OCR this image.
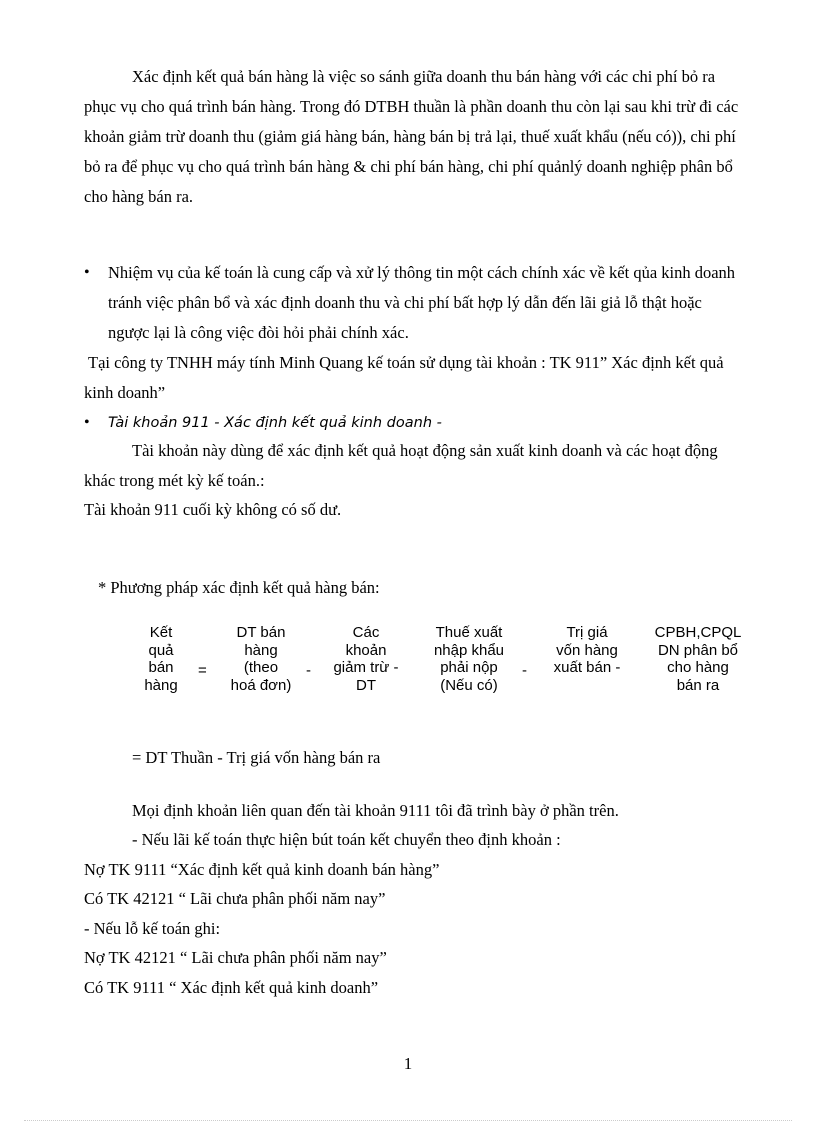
Xác định kết quả bán hàng là việc so sánh giữa doanh thu bán hàng với các chi phí bỏ ra phục vụ cho quá trình bán hàng. Trong đó DTBH thuần là phần doanh thu còn lại sau khi trừ đi các khoản giảm trừ doanh thu (giảm giá hàng bán, hàng bán bị trả lại, thuế xuất khẩu (nếu có)), chi phí bỏ ra để phục vụ cho quá trình bán hàng & chi phí bán hàng, chi phí quảnlý doanh nghiệp phân bổ cho hàng bán ra.

• Nhiệm vụ của kế toán là cung cấp và xử lý thông tin một cách chính xác về kết qủa kinh doanh tránh việc phân bổ và xác định doanh thu và chi phí bất hợp lý dẫn đến lãi giả lỗ thật hoặc ngược lại là công việc đòi hỏi phải chính xác.

Tại công ty TNHH máy tính Minh Quang kế toán sử dụng tài khoản : TK 911” Xác định kết quả kinh doanh”

• Tài khoản 911 - Xác định kết quả kinh doanh -

Tài khoản này dùng để xác định kết quả hoạt động sản xuất kinh doanh và các hoạt động khác trong mét kỳ kế toán.:

Tài khoản 911 cuối kỳ không có số dư.
* Phương pháp xác định kết quả hàng bán:
Kết
quả
bán
hàng
=
DT bán
hàng
(theo
hoá đơn)
-
Các
khoản
giảm trừ -
DT
Thuế xuất
nhập khẩu
phải nộp
(Nếu có)
-
Trị giá
vốn hàng
xuất bán -
CPBH,CPQL
DN phân bổ
cho hàng
bán ra
= DT Thuần - Trị giá vốn hàng bán ra
Mọi định khoản liên quan đến tài khoản 9111 tôi đã trình bày ở phần trên.
- Nếu lãi kế toán thực hiện bút toán kết chuyển theo định khoản :
Nợ TK 9111 “Xác định kết quả kinh doanh bán hàng”
Có TK 42121 “ Lãi chưa phân phối năm nay”
- Nếu lỗ kế toán ghi:
Nợ TK 42121 “ Lãi chưa phân phối năm nay”
Có TK 9111 “ Xác định kết quả kinh doanh”
1
